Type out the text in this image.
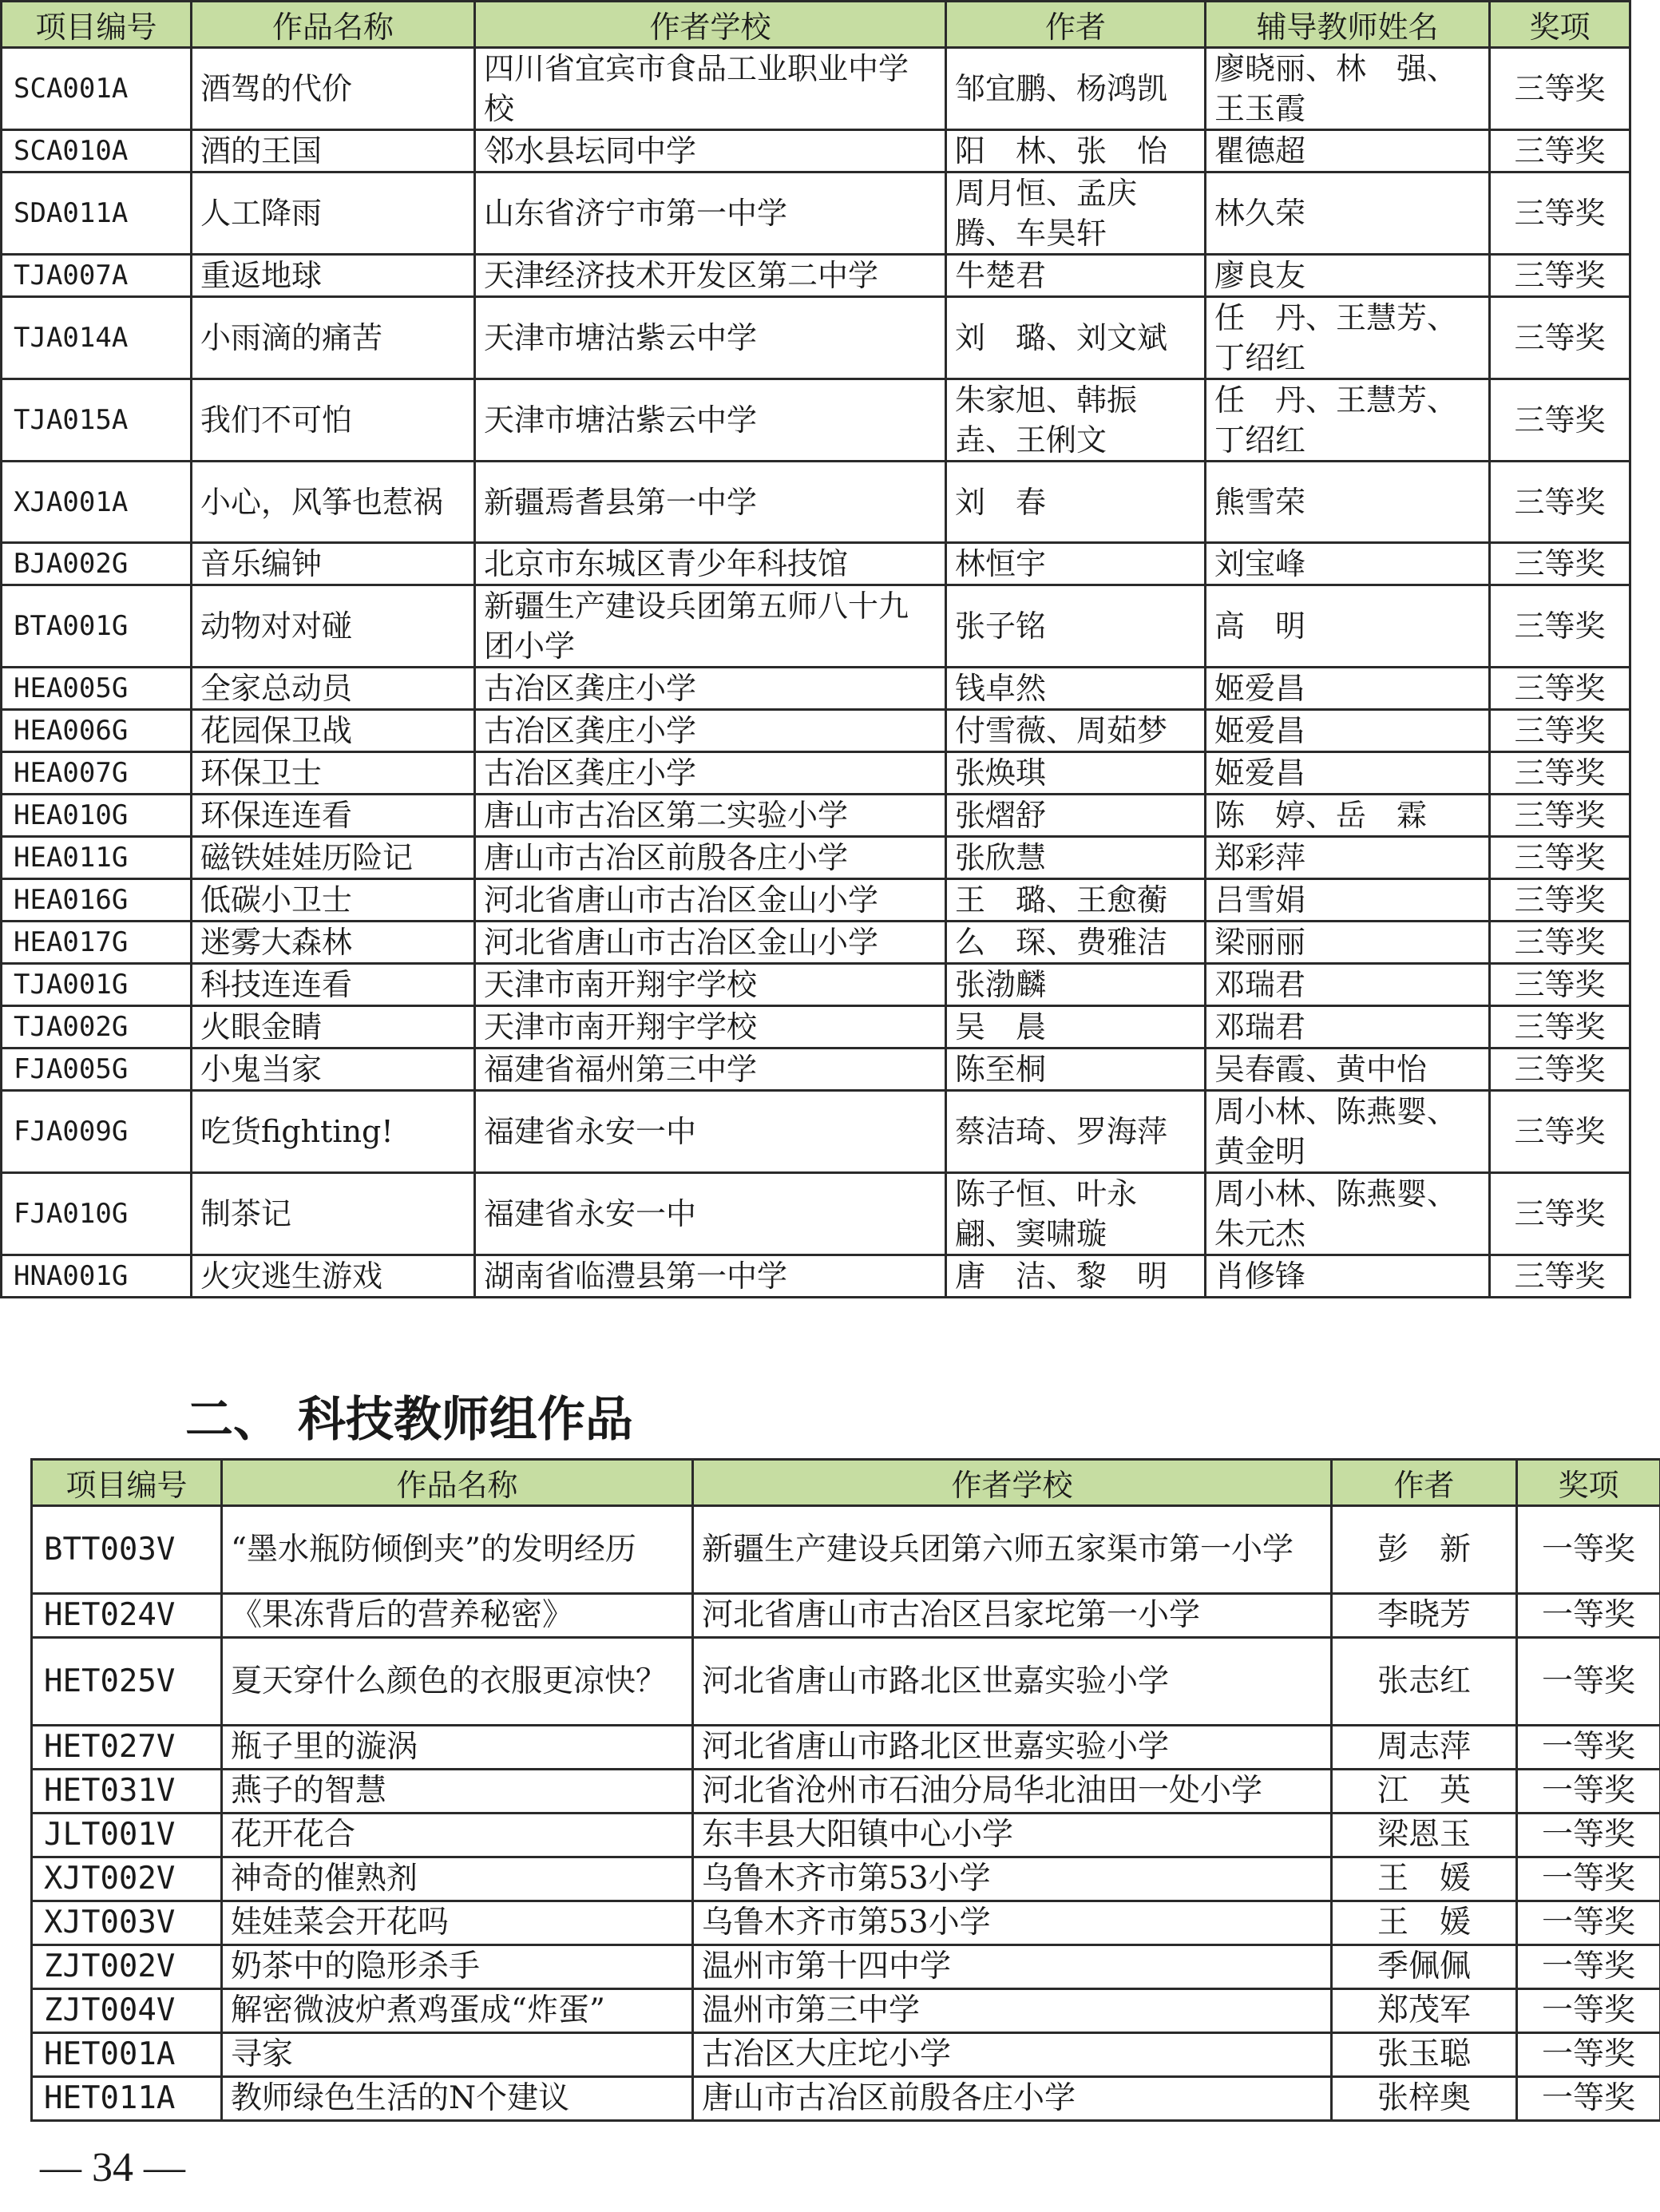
项目编号	作品名称	作者学校	作者	辅导教师姓名	奖项
SCA001A	酒驾的代价	四川省宜宾市食品工业职业中学校	邹宜鹏、杨鸿凯	廖晓丽、林　强、王玉霞	三等奖
SCA010A	酒的王国	邻水县坛同中学	阳　林、张　怡	瞿德超	三等奖
SDA011A	人工降雨	山东省济宁市第一中学	周月恒、孟庆腾、车昊轩	林久荣	三等奖
TJA007A	重返地球	天津经济技术开发区第二中学	牛楚君	廖良友	三等奖
TJA014A	小雨滴的痛苦	天津市塘沽紫云中学	刘　璐、刘文斌	任　丹、王慧芳、丁绍红	三等奖
TJA015A	我们不可怕	天津市塘沽紫云中学	朱家旭、韩振垚、王俐文	任　丹、王慧芳、丁绍红	三等奖
XJA001A	小心，风筝也惹祸	新疆焉耆县第一中学	刘　春	熊雪荣	三等奖
BJA002G	音乐编钟	北京市东城区青少年科技馆	林恒宇	刘宝峰	三等奖
BTA001G	动物对对碰	新疆生产建设兵团第五师八十九团小学	张子铭	高　明	三等奖
HEA005G	全家总动员	古冶区龚庄小学	钱卓然	姬爱昌	三等奖
HEA006G	花园保卫战	古冶区龚庄小学	付雪薇、周茹梦	姬爱昌	三等奖
HEA007G	环保卫士	古冶区龚庄小学	张焕琪	姬爱昌	三等奖
HEA010G	环保连连看	唐山市古冶区第二实验小学	张熠舒	陈　婷、岳　霖	三等奖
HEA011G	磁铁娃娃历险记	唐山市古冶区前殷各庄小学	张欣慧	郑彩萍	三等奖
HEA016G	低碳小卫士	河北省唐山市古冶区金山小学	王　璐、王愈蘅	吕雪娟	三等奖
HEA017G	迷雾大森林	河北省唐山市古冶区金山小学	么　琛、费雅洁	梁丽丽	三等奖
TJA001G	科技连连看	天津市南开翔宇学校	张渤麟	邓瑞君	三等奖
TJA002G	火眼金睛	天津市南开翔宇学校	吴　晨	邓瑞君	三等奖
FJA005G	小鬼当家	福建省福州第三中学	陈至桐	吴春霞、黄中怡	三等奖
FJA009G	吃货fighting!	福建省永安一中	蔡洁琦、罗海萍	周小林、陈燕婴、黄金明	三等奖
FJA010G	制茶记	福建省永安一中	陈子恒、叶永翩、窦啸璇	周小林、陈燕婴、朱元杰	三等奖
HNA001G	火灾逃生游戏	湖南省临澧县第一中学	唐　洁、黎　明	肖修锋	三等奖
二、 科技教师组作品
项目编号	作品名称	作者学校	作者	奖项
BTT003V	“墨水瓶防倾倒夹”的发明经历	新疆生产建设兵团第六师五家渠市第一小学	彭　新	一等奖
HET024V	《果冻背后的营养秘密》	河北省唐山市古冶区吕家坨第一小学	李晓芳	一等奖
HET025V	夏天穿什么颜色的衣服更凉快？	河北省唐山市路北区世嘉实验小学	张志红	一等奖
HET027V	瓶子里的漩涡	河北省唐山市路北区世嘉实验小学	周志萍	一等奖
HET031V	燕子的智慧	河北省沧州市石油分局华北油田一处小学	江　英	一等奖
JLT001V	花开花合	东丰县大阳镇中心小学	梁恩玉	一等奖
XJT002V	神奇的催熟剂	乌鲁木齐市第53小学	王　媛	一等奖
XJT003V	娃娃菜会开花吗	乌鲁木齐市第53小学	王　媛	一等奖
ZJT002V	奶茶中的隐形杀手	温州市第十四中学	季佩佩	一等奖
ZJT004V	解密微波炉煮鸡蛋成“炸蛋”	温州市第三中学	郑茂军	一等奖
HET001A	寻家	古冶区大庄坨小学	张玉聪	一等奖
HET011A	教师绿色生活的N个建议	唐山市古冶区前殷各庄小学	张梓奥	一等奖
— 34 —
